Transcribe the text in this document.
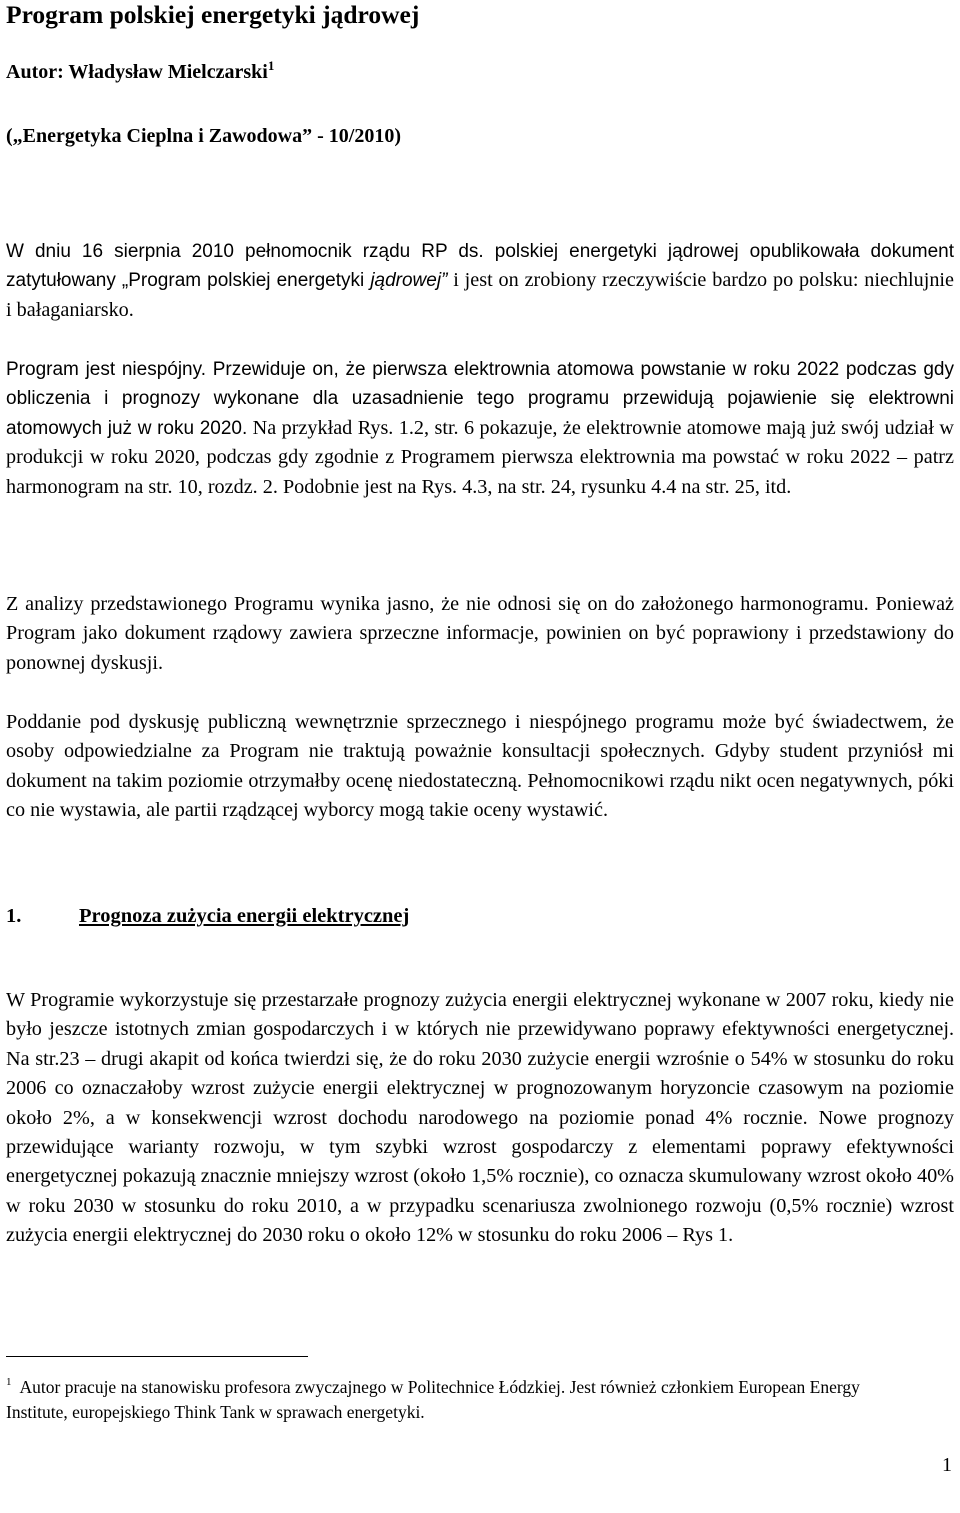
Program polskiej energetyki jądrowej
Autor: Władysław Mielczarski$^1$
(„Energetyka Cieplna i Zawodowa” - 10/2010)

W dniu 16 sierpnia 2010 pełnomocnik rządu RP ds. polskiej energetyki jądrowej opublikowała dokument zatytułowany „Program polskiej energetyki jądrowej” i jest on zrobiony rzeczywiście bardzo po polsku: niechlujnie i bałaganiarsko.

Program jest niespójny. Przewiduje on, że pierwsza elektrownia atomowa powstanie w roku 2022 podczas gdy obliczenia i prognozy wykonane dla uzasadnienie tego programu przewidują pojawienie się elektrowni atomowych już w roku 2020. Na przykład Rys. 1.2, str. 6 pokazuje, że elektrownie atomowe mają już swój udział w produkcji w roku 2020, podczas gdy zgodnie z Programem pierwsza elektrownia ma powstać w roku 2022 – patrz harmonogram na str. 10, rozdz. 2. Podobnie jest na Rys. 4.3, na str. 24, rysunku 4.4 na str. 25, itd.

Z analizy przedstawionego Programu wynika jasno, że nie odnosi się on do założonego harmonogramu. Ponieważ Program jako dokument rządowy zawiera sprzeczne informacje, powinien on być poprawiony i przedstawiony do ponownej dyskusji.

Poddanie pod dyskusję publiczną wewnętrznie sprzecznego i niespójnego programu może być świadectwem, że osoby odpowiedzialne za Program nie traktują poważnie konsultacji społecznych. Gdyby student przyniósł mi dokument na takim poziomie otrzymałby ocenę niedostateczną. Pełnomocnikowi rządu nikt ocen negatywnych, póki co nie wystawia, ale partii rządzącej wyborcy mogą takie oceny wystawić.

1.	Prognoza zużycia energii elektrycznej

W Programie wykorzystuje się przestarzałe prognozy zużycia energii elektrycznej wykonane w 2007 roku, kiedy nie było jeszcze istotnych zmian gospodarczych i w których nie przewidywano poprawy efektywności energetycznej. Na str.23 – drugi akapit od końca twierdzi się, że do roku 2030 zużycie energii wzrośnie o 54% w stosunku do roku 2006 co oznaczałoby wzrost zużycie energii elektrycznej w prognozowanym horyzoncie czasowym na poziomie około 2%, a w konsekwencji wzrost dochodu narodowego na poziomie ponad 4% rocznie. Nowe prognozy przewidujące warianty rozwoju, w tym szybki wzrost gospodarczy z elementami poprawy efektywności energetycznej pokazują znacznie mniejszy wzrost (około 1,5% rocznie), co oznacza skumulowany wzrost około 40% w roku 2030 w stosunku do roku 2010, a w przypadku scenariusza zwolnionego rozwoju (0,5% rocznie) wzrost zużycia energii elektrycznej do 2030 roku o około 12% w stosunku do roku 2006 – Rys 1.

$^1$ Autor pracuje na stanowisku profesora zwyczajnego w Politechnice Łódzkiej. Jest również członkiem European Energy Institute, europejskiego Think Tank w sprawach energetyki.

1
